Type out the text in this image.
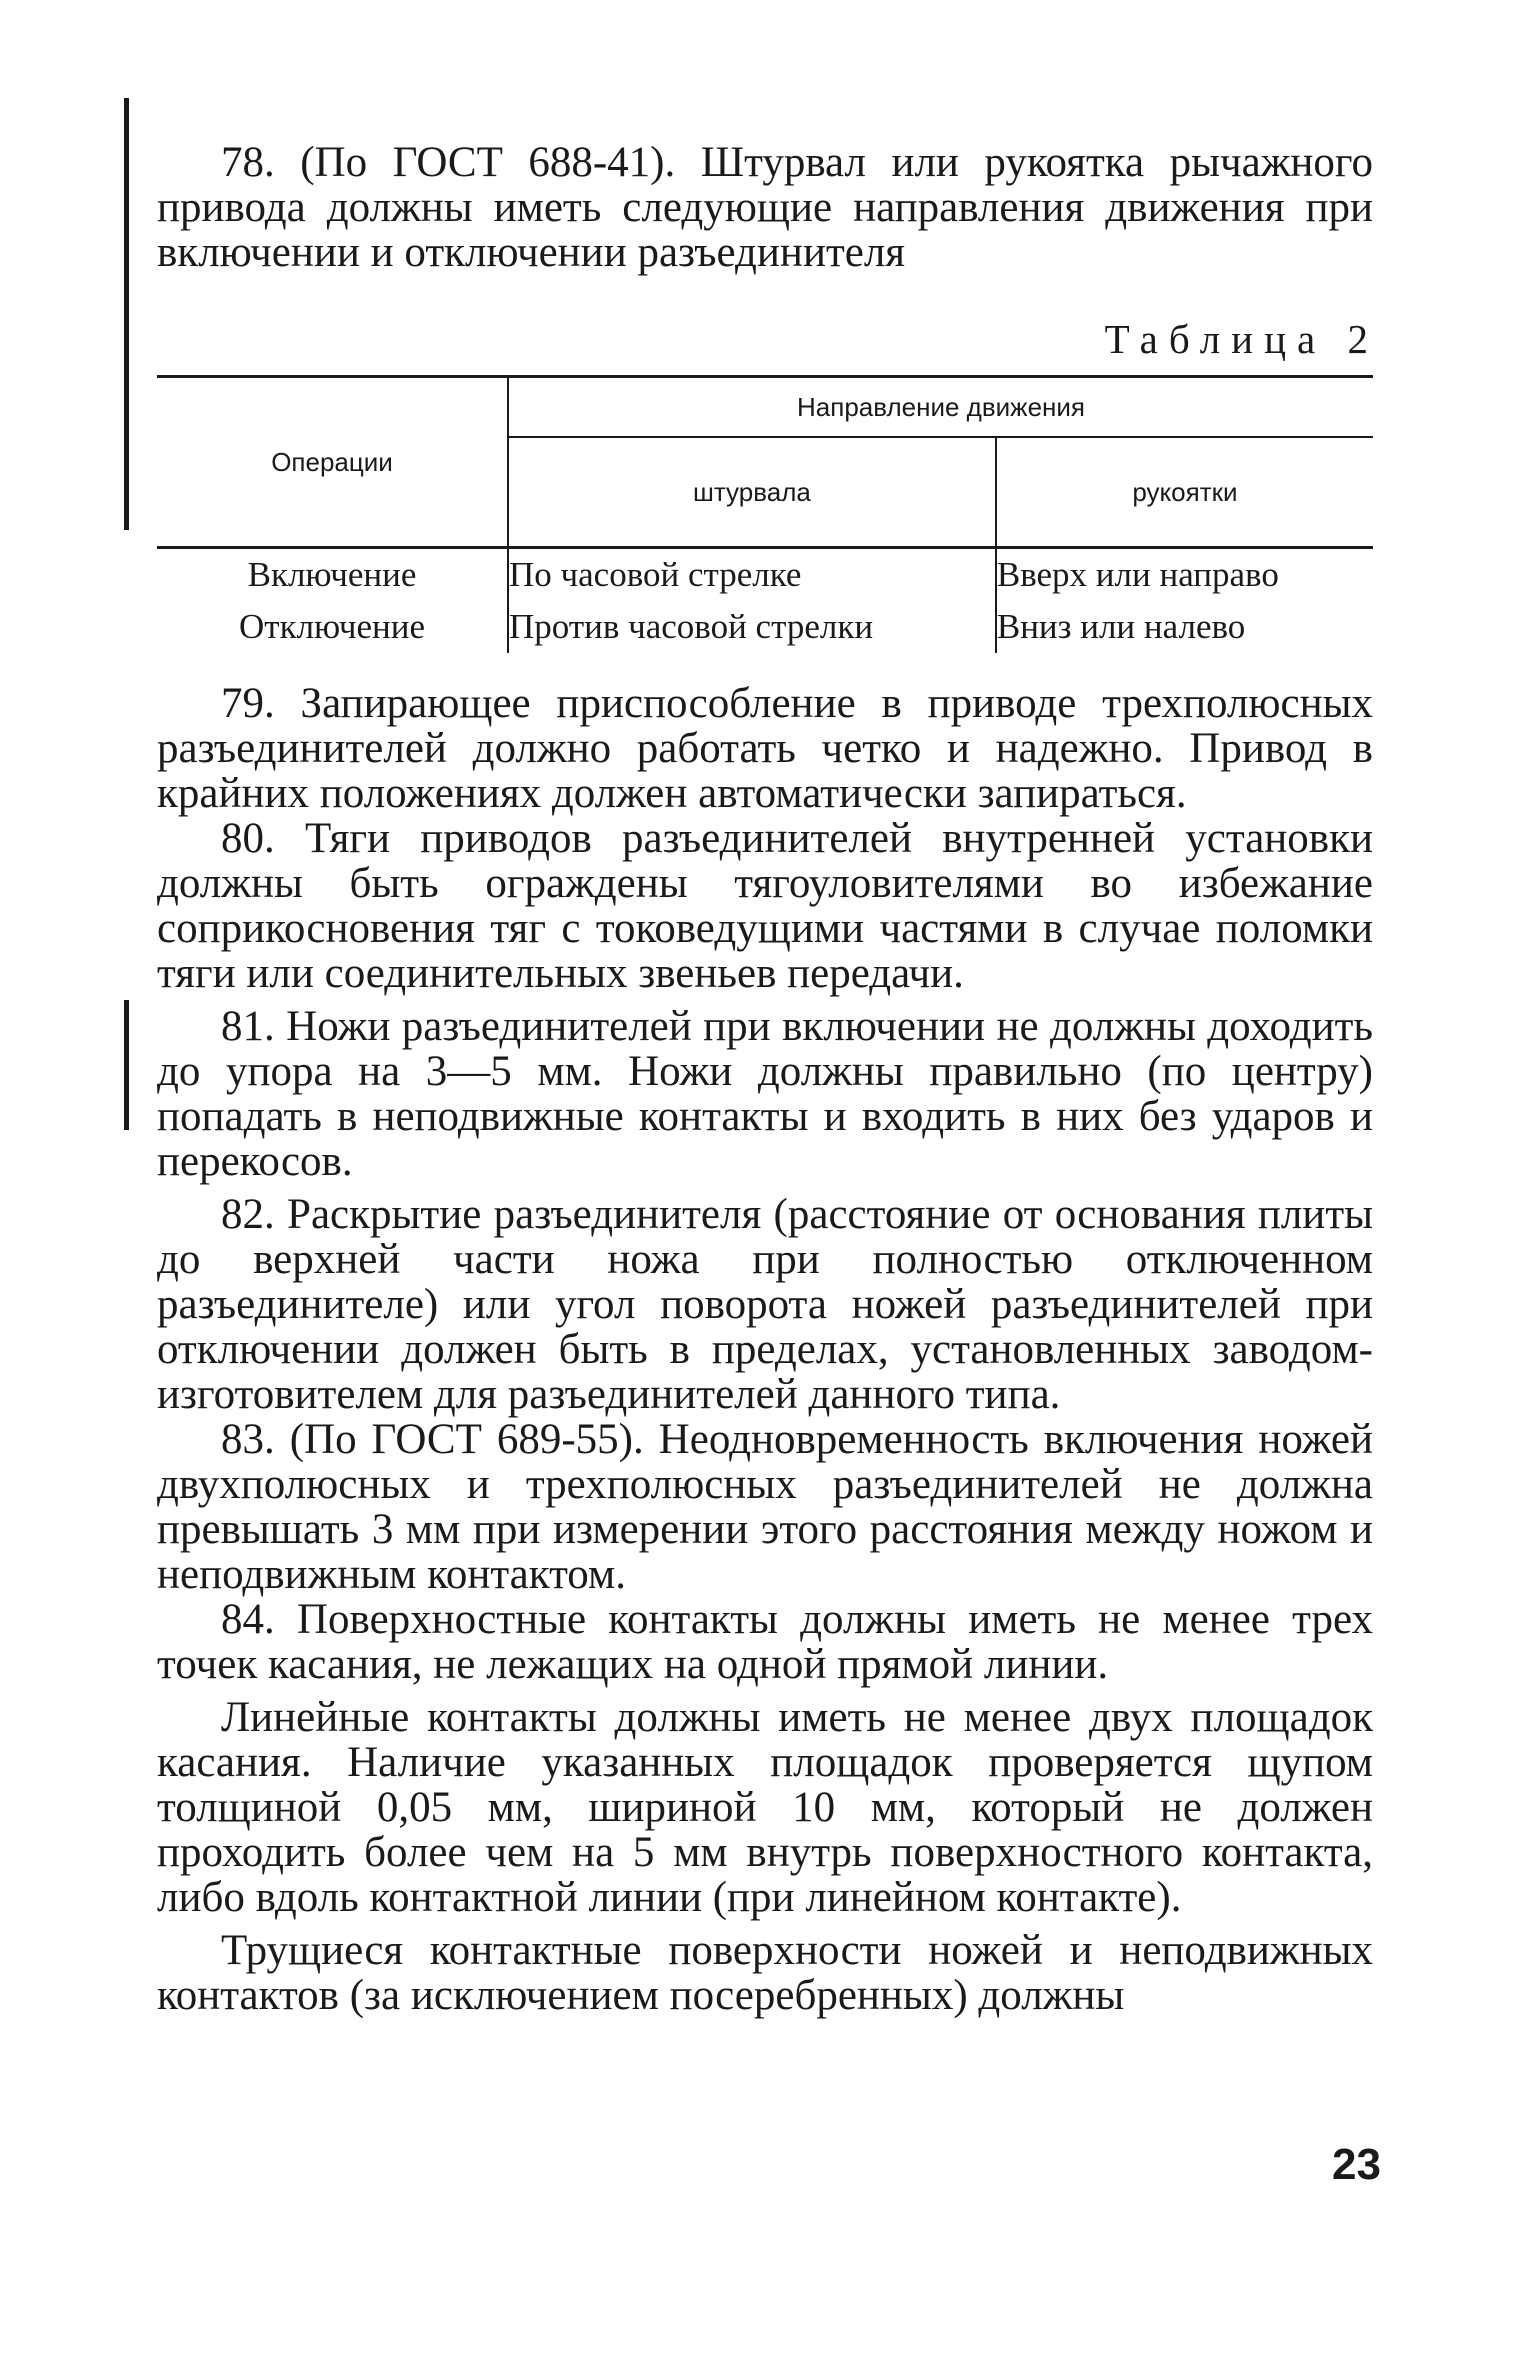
78. (По ГОСТ 688-41). Штурвал или рукоятка рычажного привода должны иметь следующие направления движения при включении и отключении разъединителя

Таблица 2
Операции	Направление движения	
	штурвала	рукоятки
Включение	По часовой стрелке	Вверх или направо
Отключение	Против часовой стрелки	Вниз или налево

79. Запирающее приспособление в приводе трехполюсных разъединителей должно работать четко и надежно. Привод в крайних положениях должен автоматически запираться.

80. Тяги приводов разъединителей внутренней установки должны быть ограждены тягоуловителями во избежание соприкосновения тяг с токоведущими частями в случае поломки тяги или соединительных звеньев передачи.

81. Ножи разъединителей при включении не должны доходить до упора на 3—5 мм. Ножи должны правильно (по центру) попадать в неподвижные контакты и входить в них без ударов и перекосов.

82. Раскрытие разъединителя (расстояние от основания плиты до верхней части ножа при полностью отключенном разъединителе) или угол поворота ножей разъединителей при отключении должен быть в пределах, установленных заводом-изготовителем для разъединителей данного типа.

83. (По ГОСТ 689-55). Неодновременность включения ножей двухполюсных и трехполюсных разъединителей не должна превышать 3 мм при измерении этого расстояния между ножом и неподвижным контактом.

84. Поверхностные контакты должны иметь не менее трех точек касания, не лежащих на одной прямой линии.

Линейные контакты должны иметь не менее двух площадок касания. Наличие указанных площадок проверяется щупом толщиной 0,05 мм, шириной 10 мм, который не должен проходить более чем на 5 мм внутрь поверхностного контакта, либо вдоль контактной линии (при линейном контакте).

Трущиеся контактные поверхности ножей и неподвижных контактов (за исключением посеребренных) должны

23
